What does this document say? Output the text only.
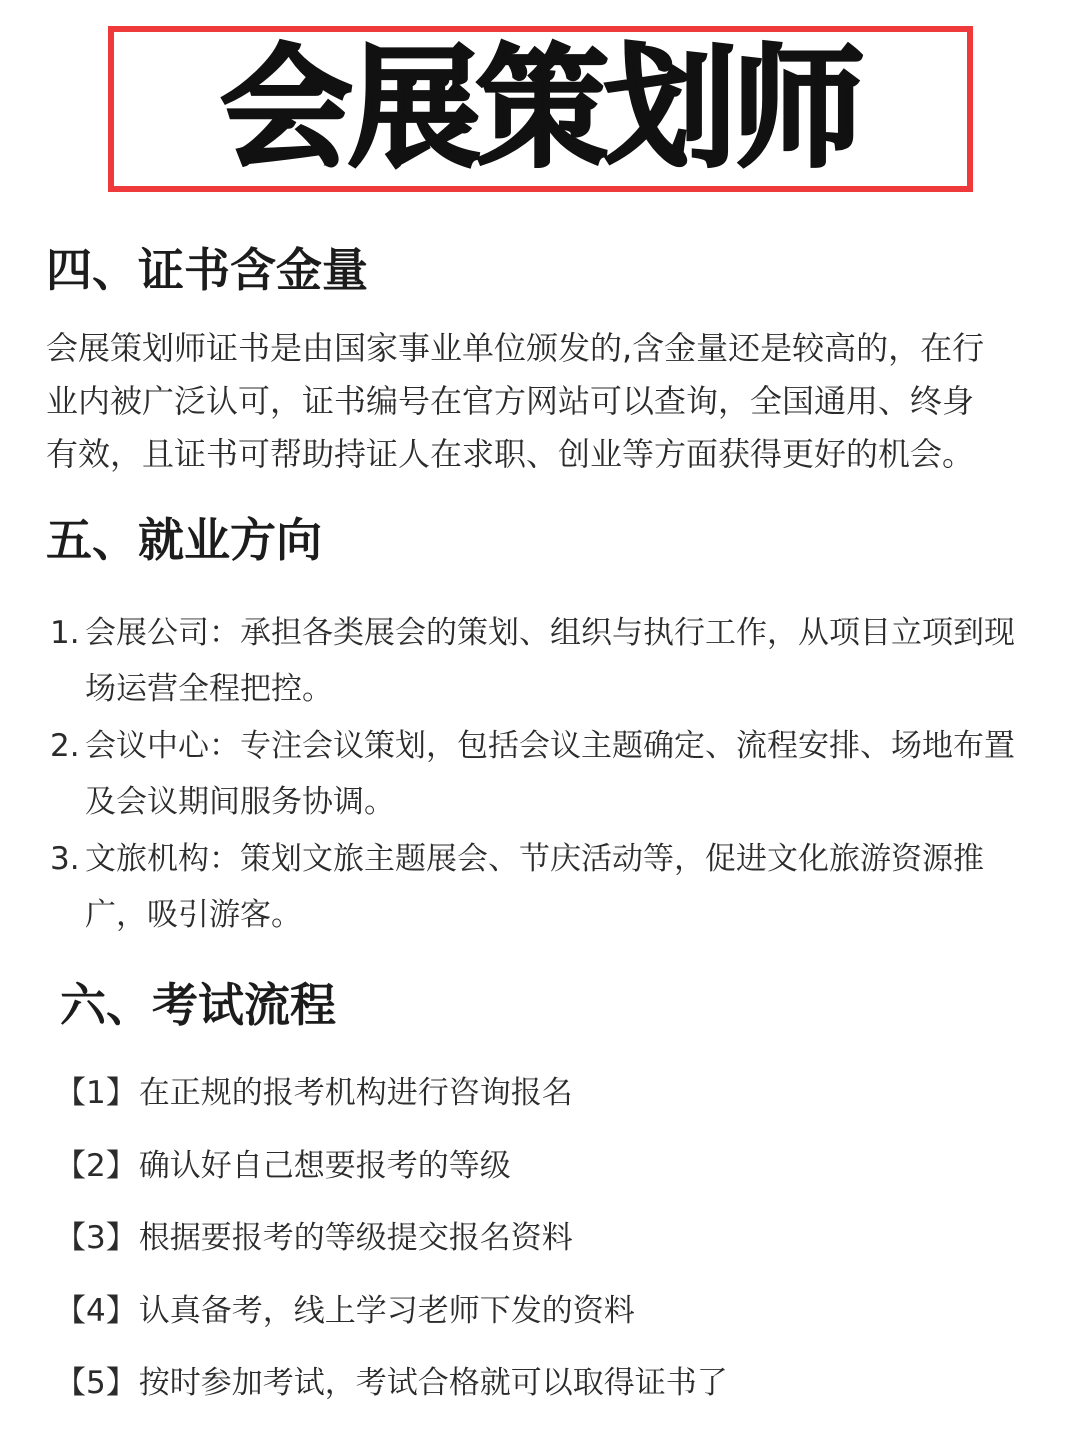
会展策划师
四、证书含金量

会展策划师证书是由国家事业单位颁发的,含金量还是较高的，在行
业内被广泛认可，证书编号在官方网站可以查询，全国通用、终身
有效，且证书可帮助持证人在求职、创业等方面获得更好的机会。

五、就业方向
1. 会展公司：承担各类展会的策划、组织与执行工作，从项目立项到现
场运营全程把控。
2. 会议中心：专注会议策划，包括会议主题确定、流程安排、场地布置
及会议期间服务协调。
3. 文旅机构：策划文旅主题展会、节庆活动等，促进文化旅游资源推
广，吸引游客。
六、考试流程
【1】在正规的报考机构进行咨询报名
【2】确认好自己想要报考的等级
【3】根据要报考的等级提交报名资料
【4】认真备考，线上学习老师下发的资料
【5】按时参加考试，考试合格就可以取得证书了
